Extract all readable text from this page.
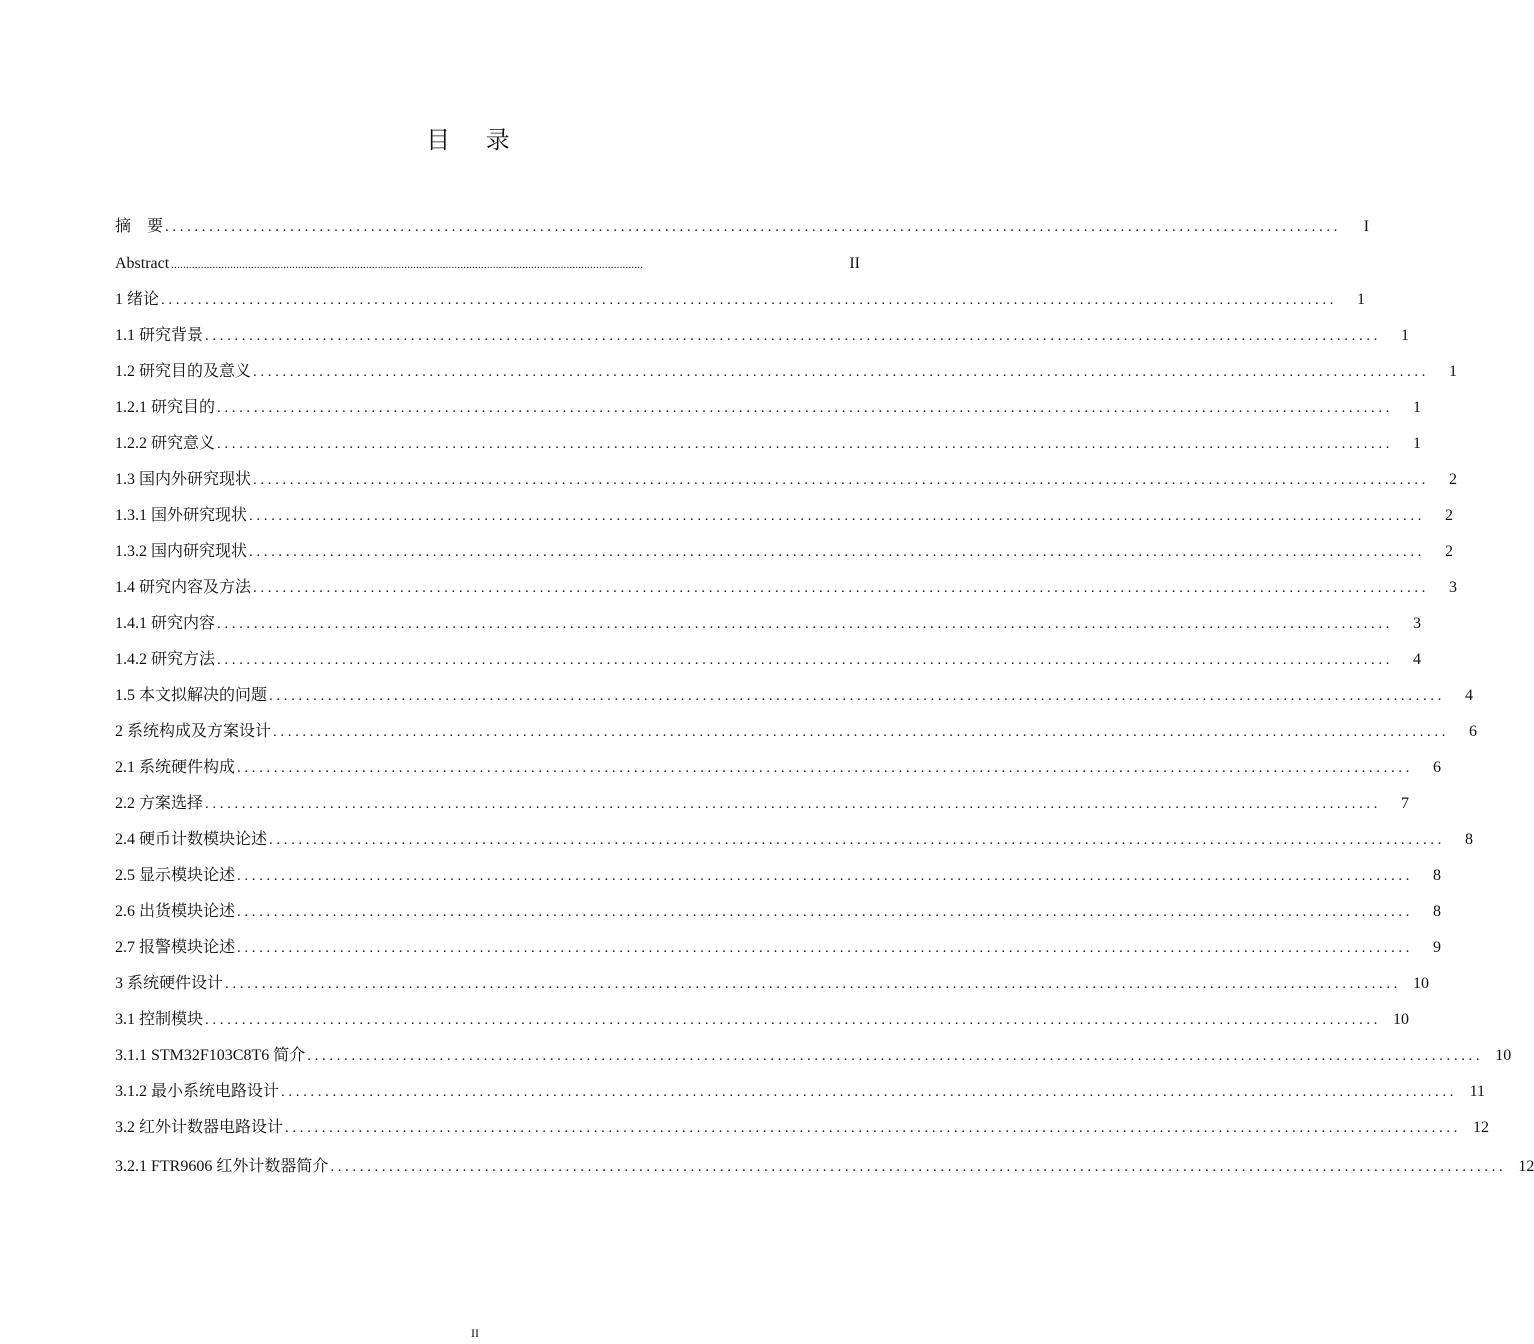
目 录
摘　要 ................................................................................................................................................................	I
Abstract ................................................................................................................................................................	II
1 绪论 ................................................................................................................................................................	1
1.1 研究背景 ................................................................................................................................................................	1
1.2 研究目的及意义 ................................................................................................................................................................	1
1.2.1 研究目的 ................................................................................................................................................................	1
1.2.2 研究意义 ................................................................................................................................................................	1
1.3 国内外研究现状 ................................................................................................................................................................	2
1.3.1 国外研究现状 ................................................................................................................................................................	2
1.3.2 国内研究现状 ................................................................................................................................................................	2
1.4 研究内容及方法 ................................................................................................................................................................	3
1.4.1 研究内容 ................................................................................................................................................................	3
1.4.2 研究方法 ................................................................................................................................................................	4
1.5 本文拟解决的问题 ................................................................................................................................................................	4
2 系统构成及方案设计 ................................................................................................................................................................	6
2.1 系统硬件构成 ................................................................................................................................................................	6
2.2 方案选择 ................................................................................................................................................................	7
2.4 硬币计数模块论述 ................................................................................................................................................................	8
2.5 显示模块论述 ................................................................................................................................................................	8
2.6 出货模块论述 ................................................................................................................................................................	8
2.7 报警模块论述 ................................................................................................................................................................	9
3 系统硬件设计 ................................................................................................................................................................ 10
3.1 控制模块 ................................................................................................................................................................ 10
3.1.1 STM32F103C8T6 简介 ................................................................................................................................................................ 10
3.1.2 最小系统电路设计 ................................................................................................................................................................ 11
3.2 红外计数器电路设计 ................................................................................................................................................................ 12
3.2.1 FTR9606 红外计数器简介 ................................................................................................................................................................ 12
II
